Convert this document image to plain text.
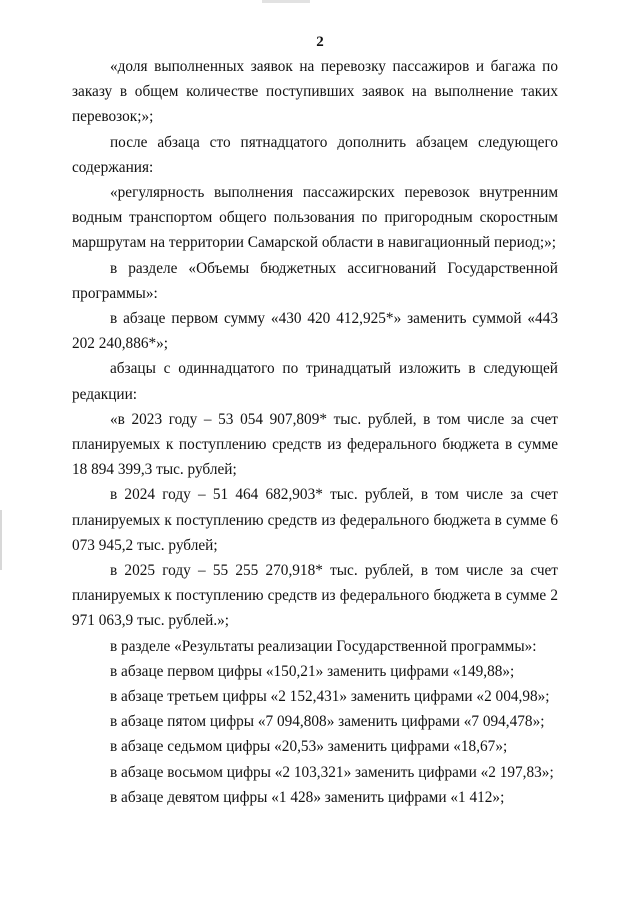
2

«доля выполненных заявок на перевозку пассажиров и багажа по заказу в общем количестве поступивших заявок на выполнение таких перевозок;»;

после абзаца сто пятнадцатого дополнить абзацем следующего содержания:

«регулярность выполнения пассажирских перевозок внутренним водным транспортом общего пользования по пригородным скоростным маршрутам на территории Самарской области в навигационный период;»;

в разделе «Объемы бюджетных ассигнований Государственной программы»:

в абзаце первом сумму «430 420 412,925*» заменить суммой «443 202 240,886*»;

абзацы с одиннадцатого по тринадцатый изложить в следующей редакции:

«в 2023 году – 53 054 907,809* тыс. рублей, в том числе за счет планируемых к поступлению средств из федерального бюджета в сумме 18 894 399,3 тыс. рублей;

в 2024 году – 51 464 682,903* тыс. рублей, в том числе за счет планируемых к поступлению средств из федерального бюджета в сумме 6 073 945,2 тыс. рублей;

в 2025 году – 55 255 270,918* тыс. рублей, в том числе за счет планируемых к поступлению средств из федерального бюджета в сумме 2 971 063,9 тыс. рублей.»;

в разделе «Результаты реализации Государственной программы»:

в абзаце первом цифры «150,21» заменить цифрами «149,88»;

в абзаце третьем цифры «2 152,431» заменить цифрами «2 004,98»;

в абзаце пятом цифры «7 094,808» заменить цифрами «7 094,478»;

в абзаце седьмом цифры «20,53» заменить цифрами «18,67»;

в абзаце восьмом цифры «2 103,321» заменить цифрами «2 197,83»;

в абзаце девятом цифры «1 428» заменить цифрами «1 412»;
